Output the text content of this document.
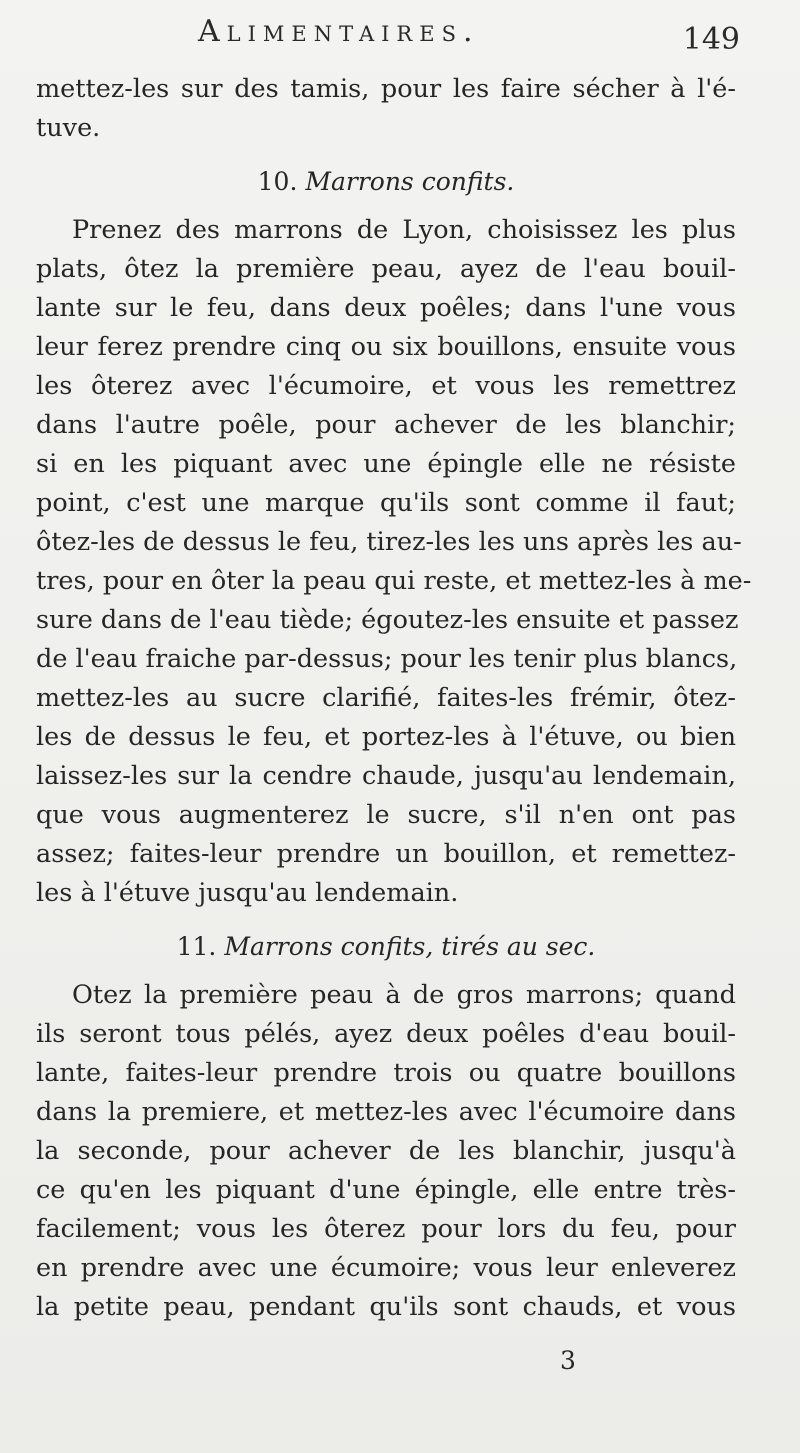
Alimentaires.	149
mettez-les sur des tamis, pour les faire sécher à l'é-
tuve.
10. Marrons confits.
Prenez des marrons de Lyon, choisissez les plus
plats, ôtez la première peau, ayez de l'eau bouil-
lante sur le feu, dans deux poêles; dans l'une vous
leur ferez prendre cinq ou six bouillons, ensuite vous
les ôterez avec l'écumoire, et vous les remettrez
dans l'autre poêle, pour achever de les blanchir;
si en les piquant avec une épingle elle ne résiste
point, c'est une marque qu'ils sont comme il faut;
ôtez-les de dessus le feu, tirez-les les uns après les au-
tres, pour en ôter la peau qui reste, et mettez-les à me-
sure dans de l'eau tiède; égoutez-les ensuite et passez
de l'eau fraiche par-dessus; pour les tenir plus blancs,
mettez-les au sucre clarifié, faites-les frémir, ôtez-
les de dessus le feu, et portez-les à l'étuve, ou bien
laissez-les sur la cendre chaude, jusqu'au lendemain,
que vous augmenterez le sucre, s'il n'en ont pas
assez; faites-leur prendre un bouillon, et remettez-
les à l'étuve jusqu'au lendemain.
11. Marrons confits, tirés au sec.
Otez la première peau à de gros marrons; quand
ils seront tous pélés, ayez deux poêles d'eau bouil-
lante, faites-leur prendre trois ou quatre bouillons
dans la premiere, et mettez-les avec l'écumoire dans
la seconde, pour achever de les blanchir, jusqu'à
ce qu'en les piquant d'une épingle, elle entre très-
facilement; vous les ôterez pour lors du feu, pour
en prendre avec une écumoire; vous leur enleverez
la petite peau, pendant qu'ils sont chauds, et vous
3
